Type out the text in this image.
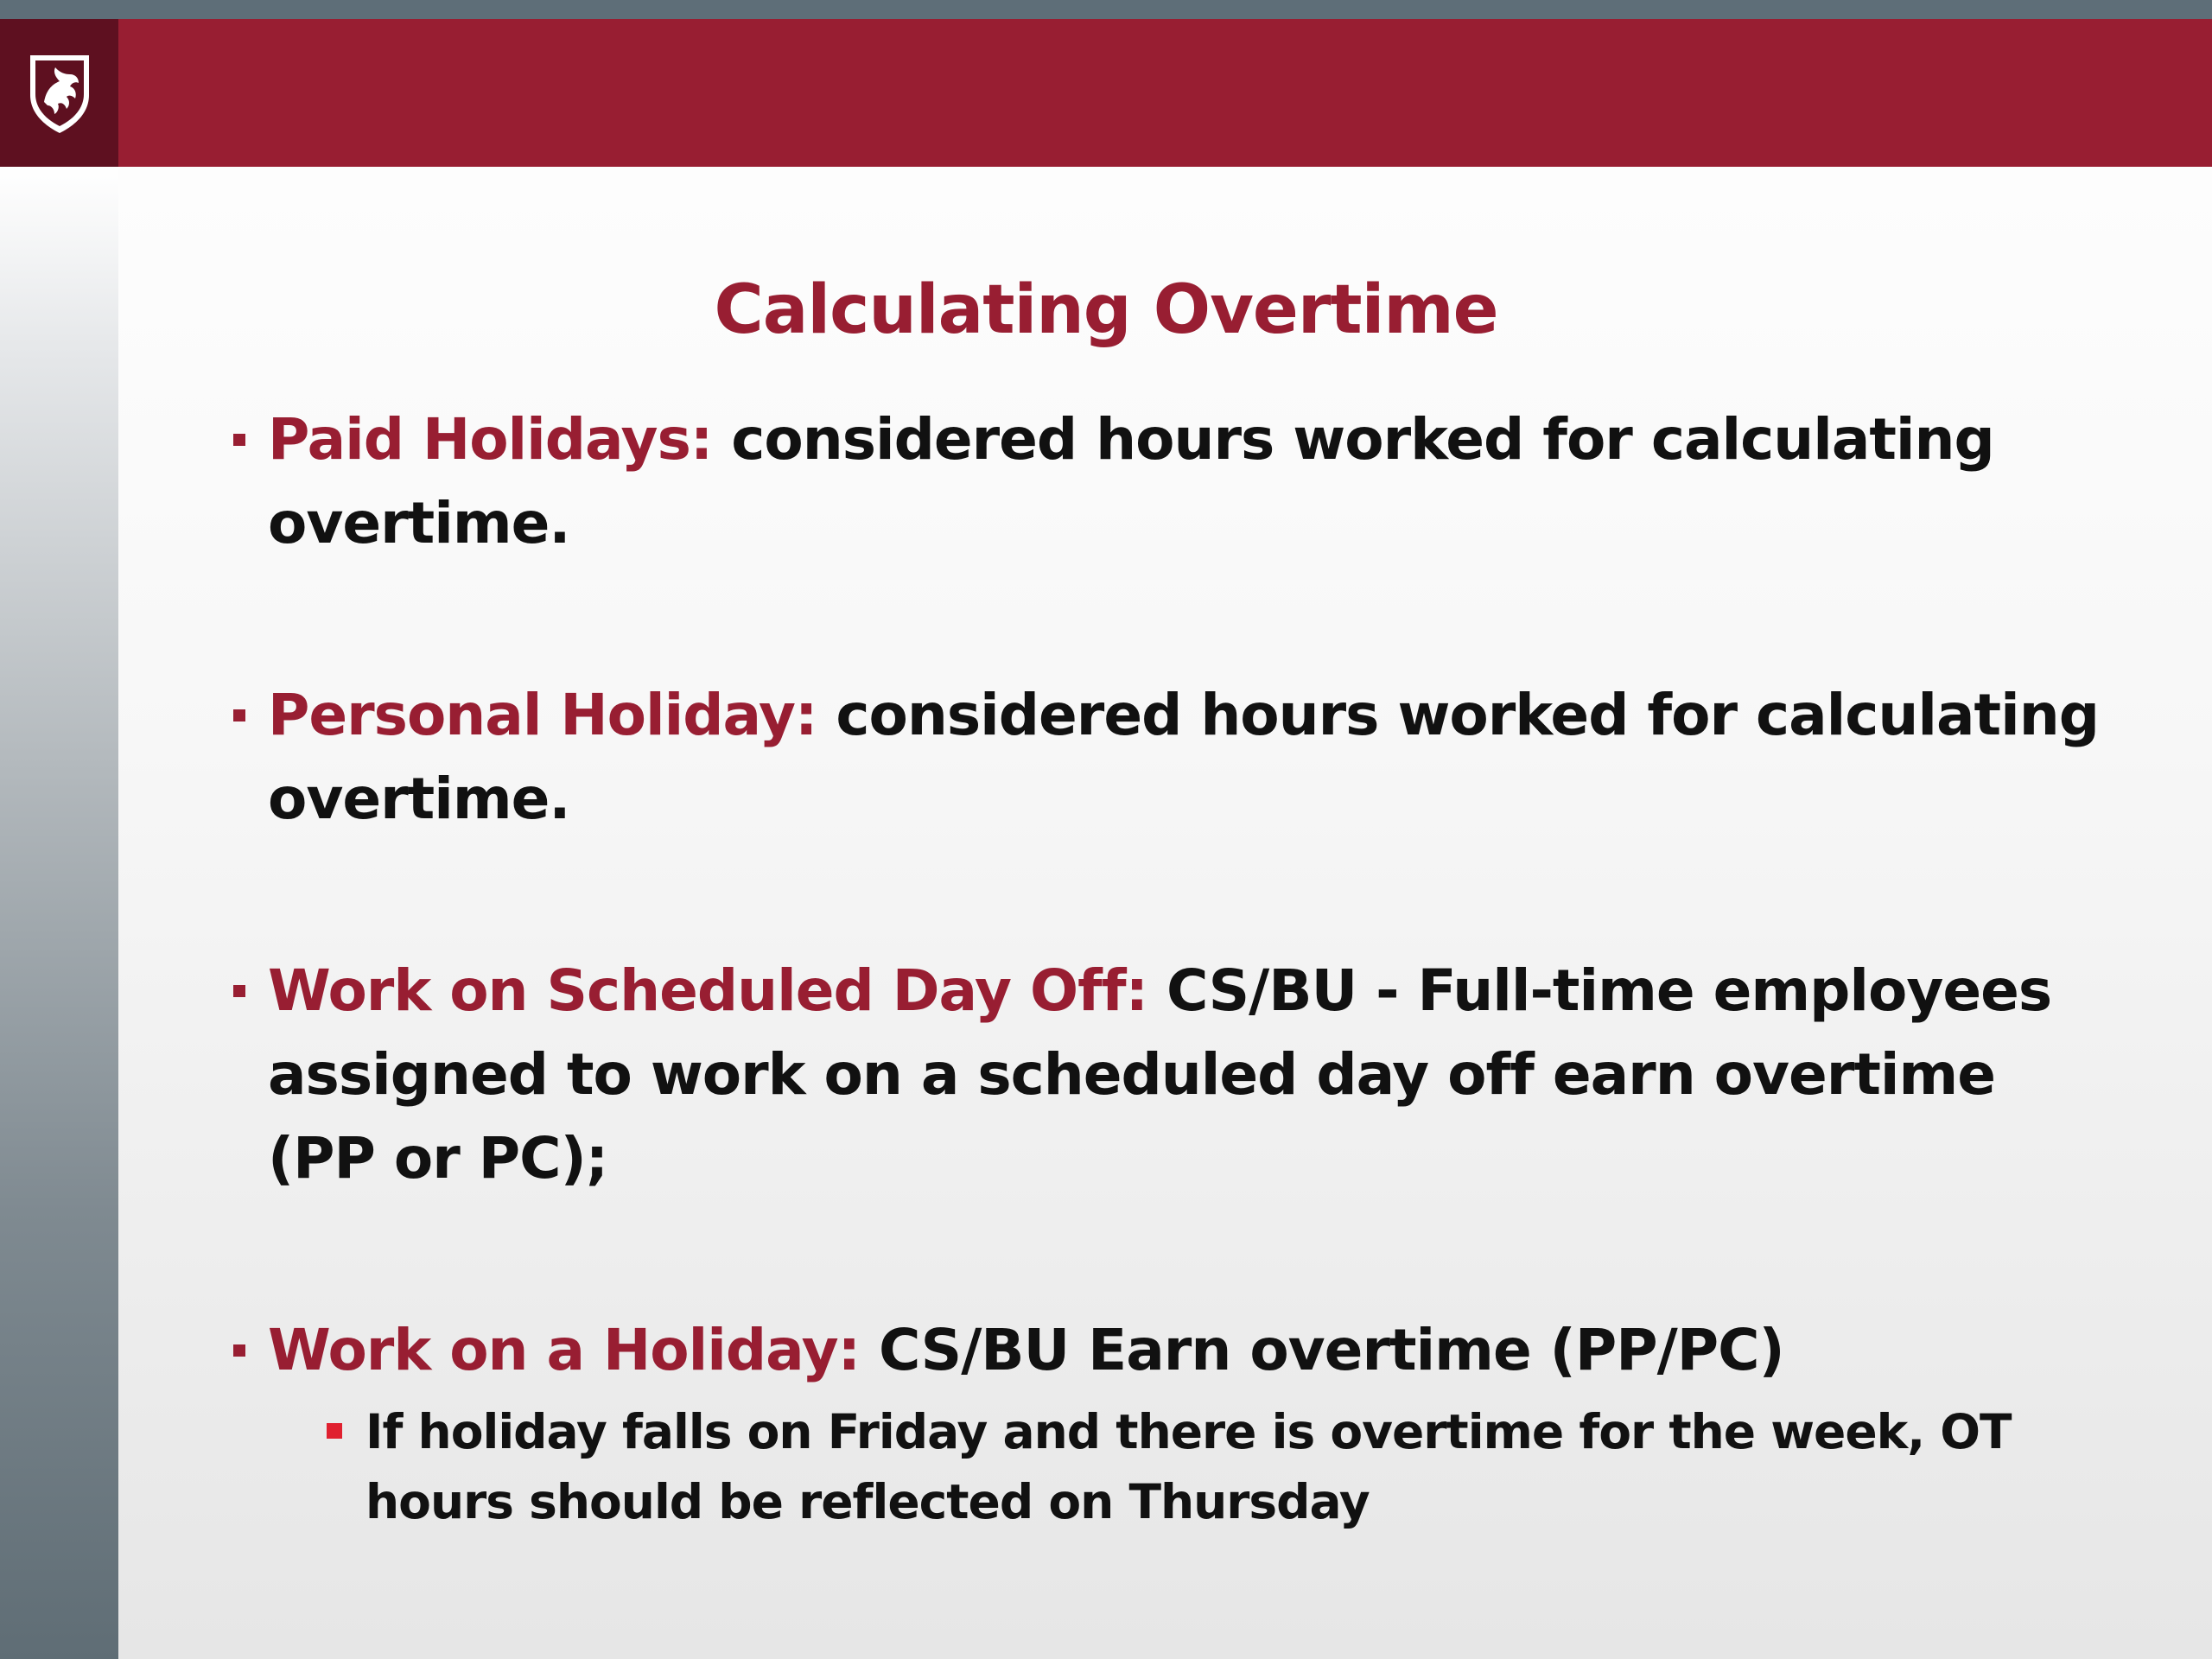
Calculating Overtime
Paid Holidays: considered hours worked for calculating overtime.
Personal Holiday: considered hours worked for calculating overtime.
Work on Scheduled Day Off: CS/BU - Full-time employees assigned to work on a scheduled day off earn overtime (PP or PC);
Work on a Holiday: CS/BU Earn overtime (PP/PC)
If holiday falls on Friday and there is overtime for the week, OT hours should be reflected on Thursday
